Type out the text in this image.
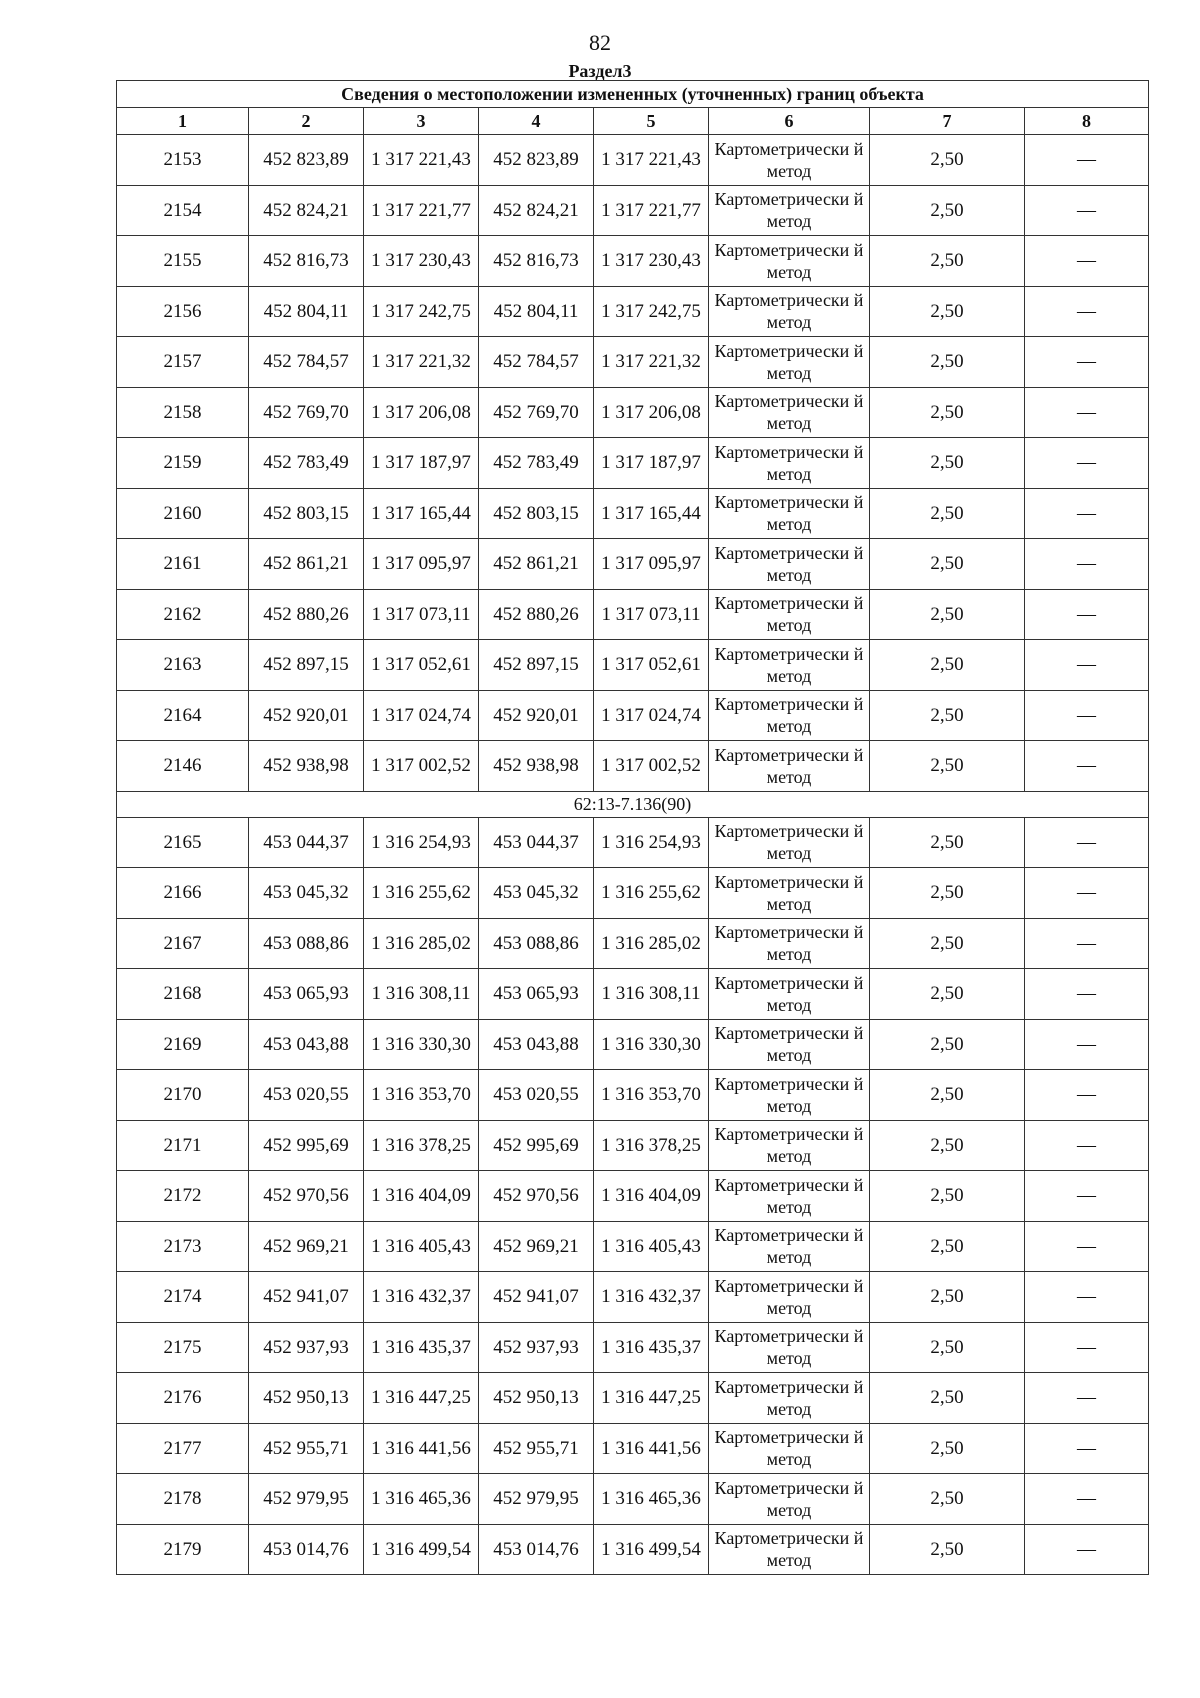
82
Раздел3
Сведения о местоположении измененных (уточненных) границ объекта							
1	2	3	4	5	6	7	8
2153	452 823,89	1 317 221,43	452 823,89	1 317 221,43	Картометрически й метод	2,50	—
2154	452 824,21	1 317 221,77	452 824,21	1 317 221,77	Картометрически й метод	2,50	—
2155	452 816,73	1 317 230,43	452 816,73	1 317 230,43	Картометрически й метод	2,50	—
2156	452 804,11	1 317 242,75	452 804,11	1 317 242,75	Картометрически й метод	2,50	—
2157	452 784,57	1 317 221,32	452 784,57	1 317 221,32	Картометрически й метод	2,50	—
2158	452 769,70	1 317 206,08	452 769,70	1 317 206,08	Картометрически й метод	2,50	—
2159	452 783,49	1 317 187,97	452 783,49	1 317 187,97	Картометрически й метод	2,50	—
2160	452 803,15	1 317 165,44	452 803,15	1 317 165,44	Картометрически й метод	2,50	—
2161	452 861,21	1 317 095,97	452 861,21	1 317 095,97	Картометрически й метод	2,50	—
2162	452 880,26	1 317 073,11	452 880,26	1 317 073,11	Картометрически й метод	2,50	—
2163	452 897,15	1 317 052,61	452 897,15	1 317 052,61	Картометрически й метод	2,50	—
2164	452 920,01	1 317 024,74	452 920,01	1 317 024,74	Картометрически й метод	2,50	—
2146	452 938,98	1 317 002,52	452 938,98	1 317 002,52	Картометрически й метод	2,50	—
62:13-7.136(90)							
2165	453 044,37	1 316 254,93	453 044,37	1 316 254,93	Картометрически й метод	2,50	—
2166	453 045,32	1 316 255,62	453 045,32	1 316 255,62	Картометрически й метод	2,50	—
2167	453 088,86	1 316 285,02	453 088,86	1 316 285,02	Картометрически й метод	2,50	—
2168	453 065,93	1 316 308,11	453 065,93	1 316 308,11	Картометрически й метод	2,50	—
2169	453 043,88	1 316 330,30	453 043,88	1 316 330,30	Картометрически й метод	2,50	—
2170	453 020,55	1 316 353,70	453 020,55	1 316 353,70	Картометрически й метод	2,50	—
2171	452 995,69	1 316 378,25	452 995,69	1 316 378,25	Картометрически й метод	2,50	—
2172	452 970,56	1 316 404,09	452 970,56	1 316 404,09	Картометрически й метод	2,50	—
2173	452 969,21	1 316 405,43	452 969,21	1 316 405,43	Картометрически й метод	2,50	—
2174	452 941,07	1 316 432,37	452 941,07	1 316 432,37	Картометрически й метод	2,50	—
2175	452 937,93	1 316 435,37	452 937,93	1 316 435,37	Картометрически й метод	2,50	—
2176	452 950,13	1 316 447,25	452 950,13	1 316 447,25	Картометрически й метод	2,50	—
2177	452 955,71	1 316 441,56	452 955,71	1 316 441,56	Картометрически й метод	2,50	—
2178	452 979,95	1 316 465,36	452 979,95	1 316 465,36	Картометрически й метод	2,50	—
2179	453 014,76	1 316 499,54	453 014,76	1 316 499,54	Картометрически й метод	2,50	—
